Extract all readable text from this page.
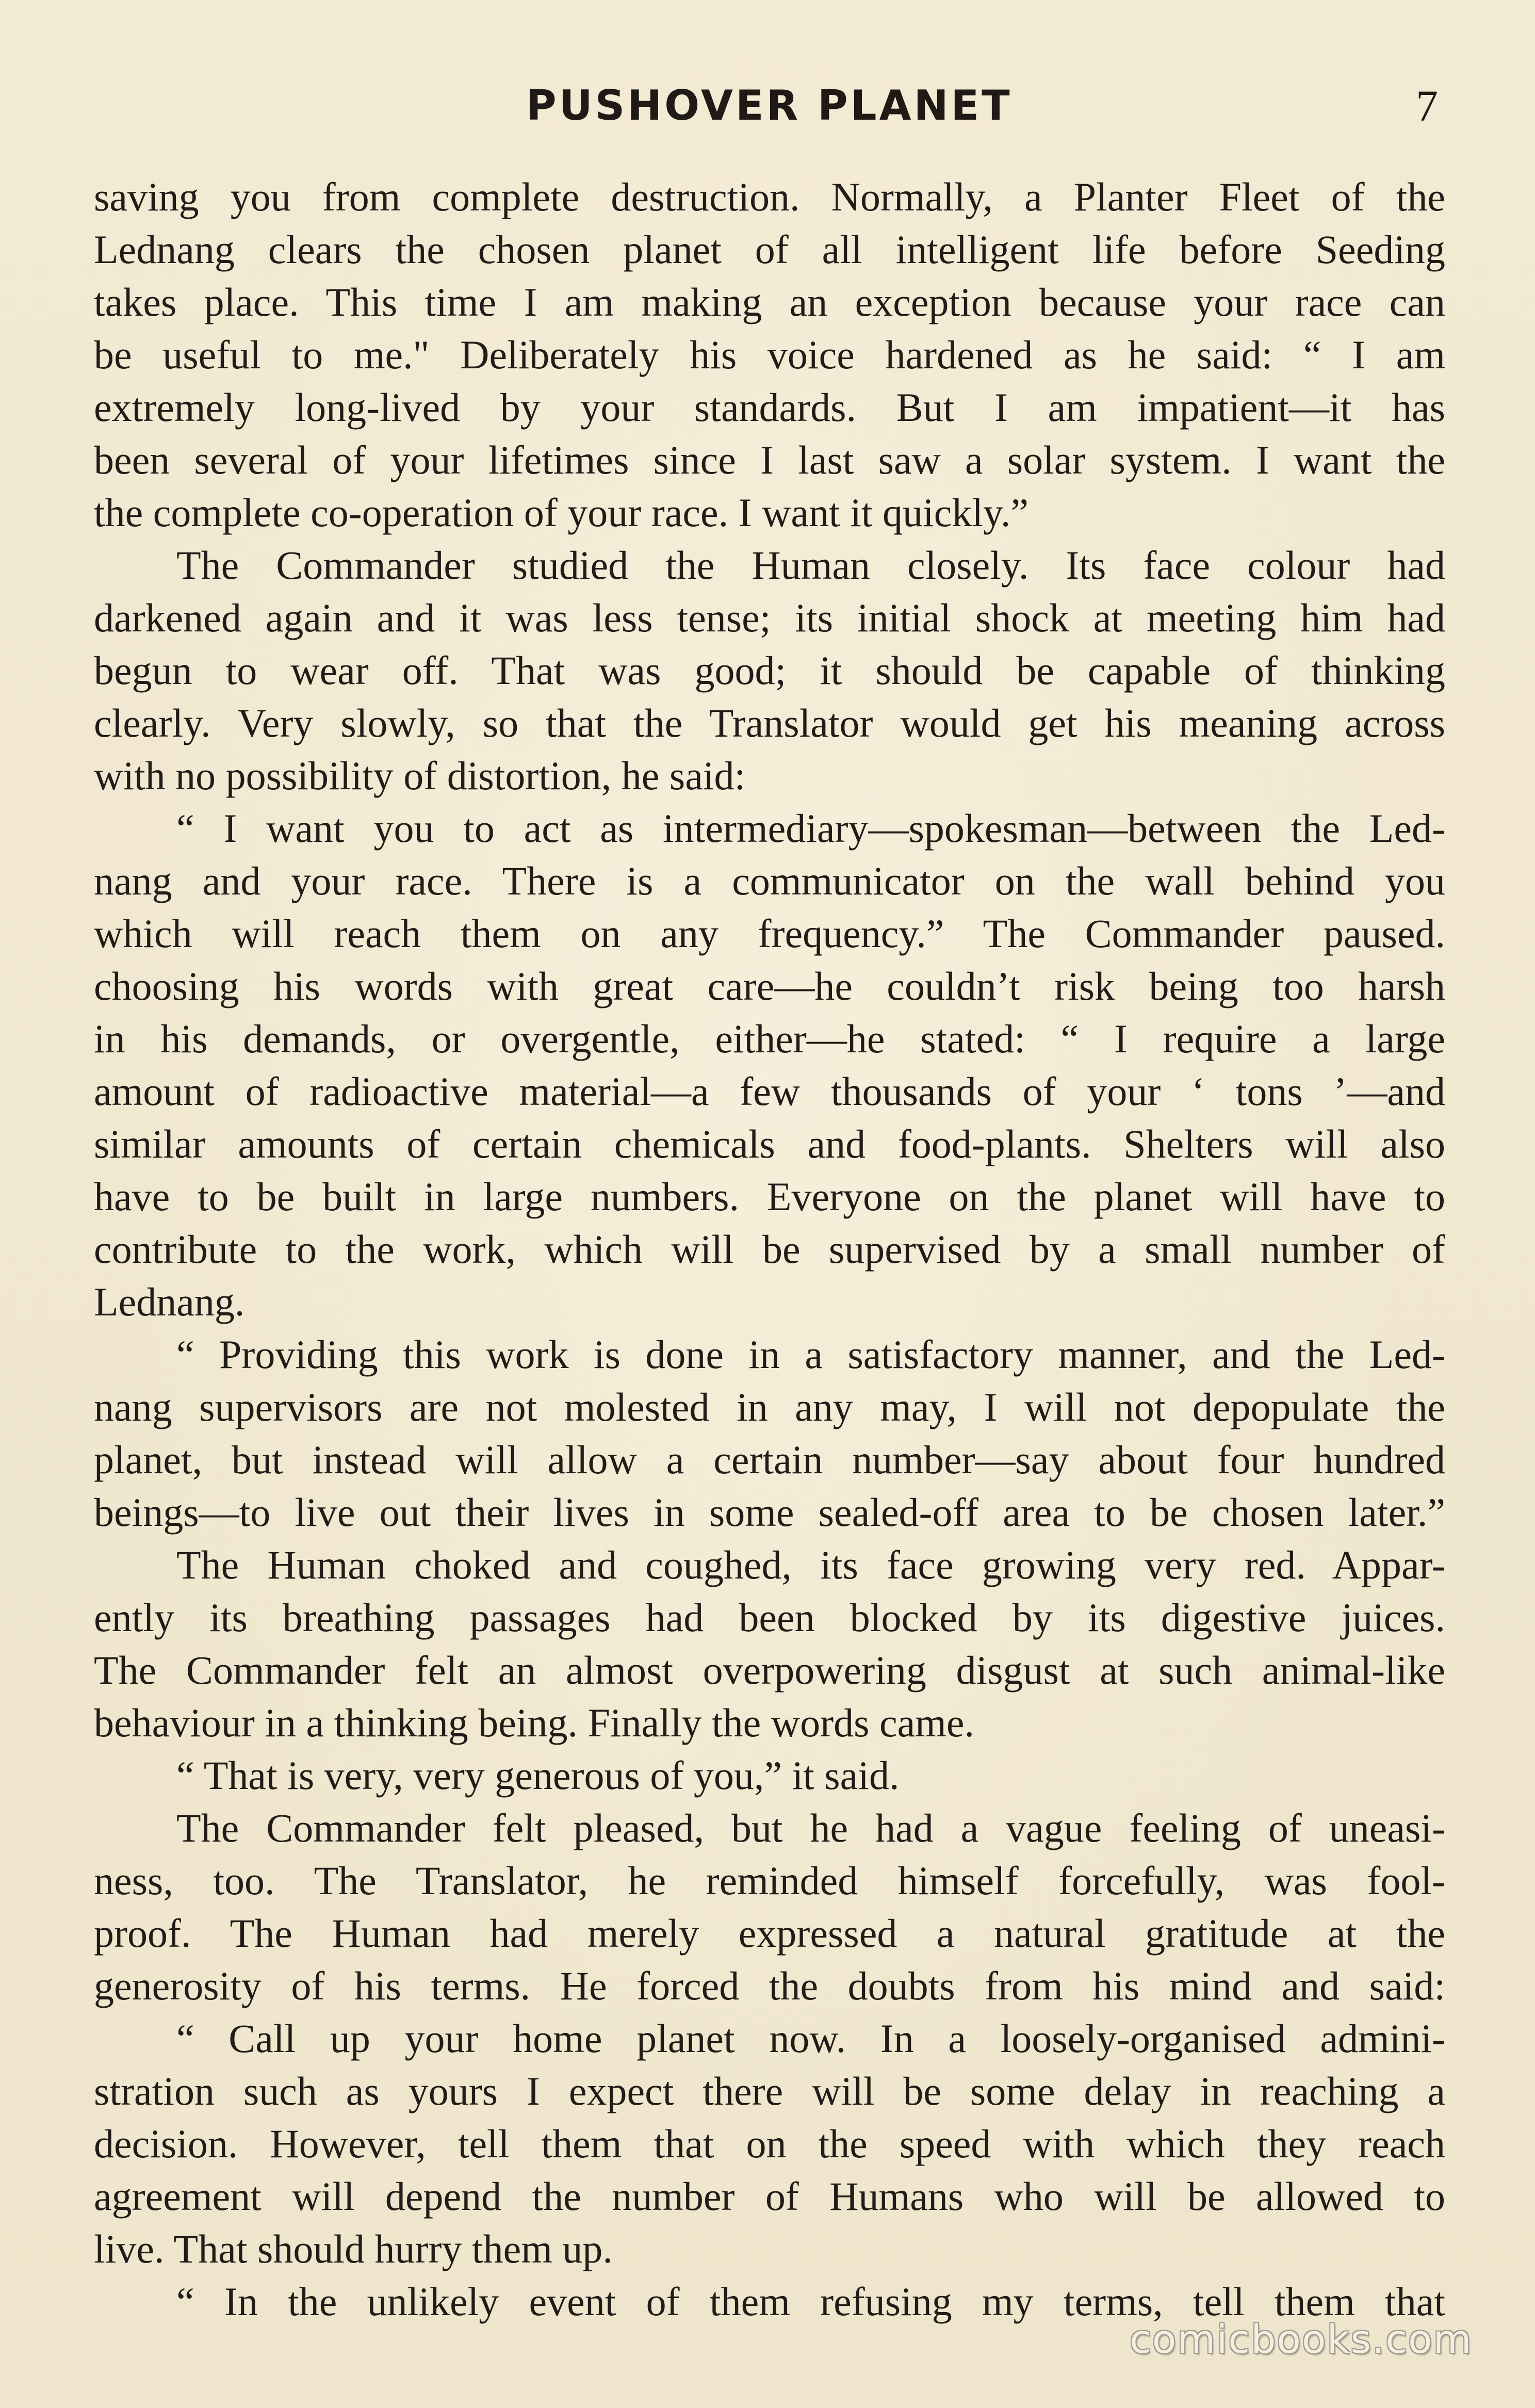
PUSHOVER PLANET	7
saving you from complete destruction. Normally, a Planter Fleet of the
Lednang clears the chosen planet of all intelligent life before Seeding
takes place. This time I am making an exception because your race can
be useful to me." Deliberately his voice hardened as he said: “ I am
extremely long-lived by your standards. But I am impatient—it has
been several of your lifetimes since I last saw a solar system. I want the
the complete co-operation of your race. I want it quickly.”
The Commander studied the Human closely. Its face colour had
darkened again and it was less tense; its initial shock at meeting him had
begun to wear off. That was good; it should be capable of thinking
clearly. Very slowly, so that the Translator would get his meaning across
with no possibility of distortion, he said:
“ I want you to act as intermediary—spokesman—between the Led-
nang and your race. There is a communicator on the wall behind you
which will reach them on any frequency.” The Commander paused.
choosing his words with great care—he couldn’t risk being too harsh
in his demands, or overgentle, either—he stated: “ I require a large
amount of radioactive material—a few thousands of your ‘ tons ’—and
similar amounts of certain chemicals and food-plants. Shelters will also
have to be built in large numbers. Everyone on the planet will have to
contribute to the work, which will be supervised by a small number of
Lednang.
“ Providing this work is done in a satisfactory manner, and the Led-
nang supervisors are not molested in any may, I will not depopulate the
planet, but instead will allow a certain number—say about four hundred
beings—to live out their lives in some sealed-off area to be chosen later.”
The Human choked and coughed, its face growing very red. Appar-
ently its breathing passages had been blocked by its digestive juices.
The Commander felt an almost overpowering disgust at such animal-like
behaviour in a thinking being. Finally the words came.
“ That is very, very generous of you,” it said.
The Commander felt pleased, but he had a vague feeling of uneasi-
ness, too. The Translator, he reminded himself forcefully, was fool-
proof. The Human had merely expressed a natural gratitude at the
generosity of his terms. He forced the doubts from his mind and said:
“ Call up your home planet now. In a loosely-organised admini-
stration such as yours I expect there will be some delay in reaching a
decision. However, tell them that on the speed with which they reach
agreement will depend the number of Humans who will be allowed to
live. That should hurry them up.
“ In the unlikely event of them refusing my terms, tell them that
comicbooks.com
